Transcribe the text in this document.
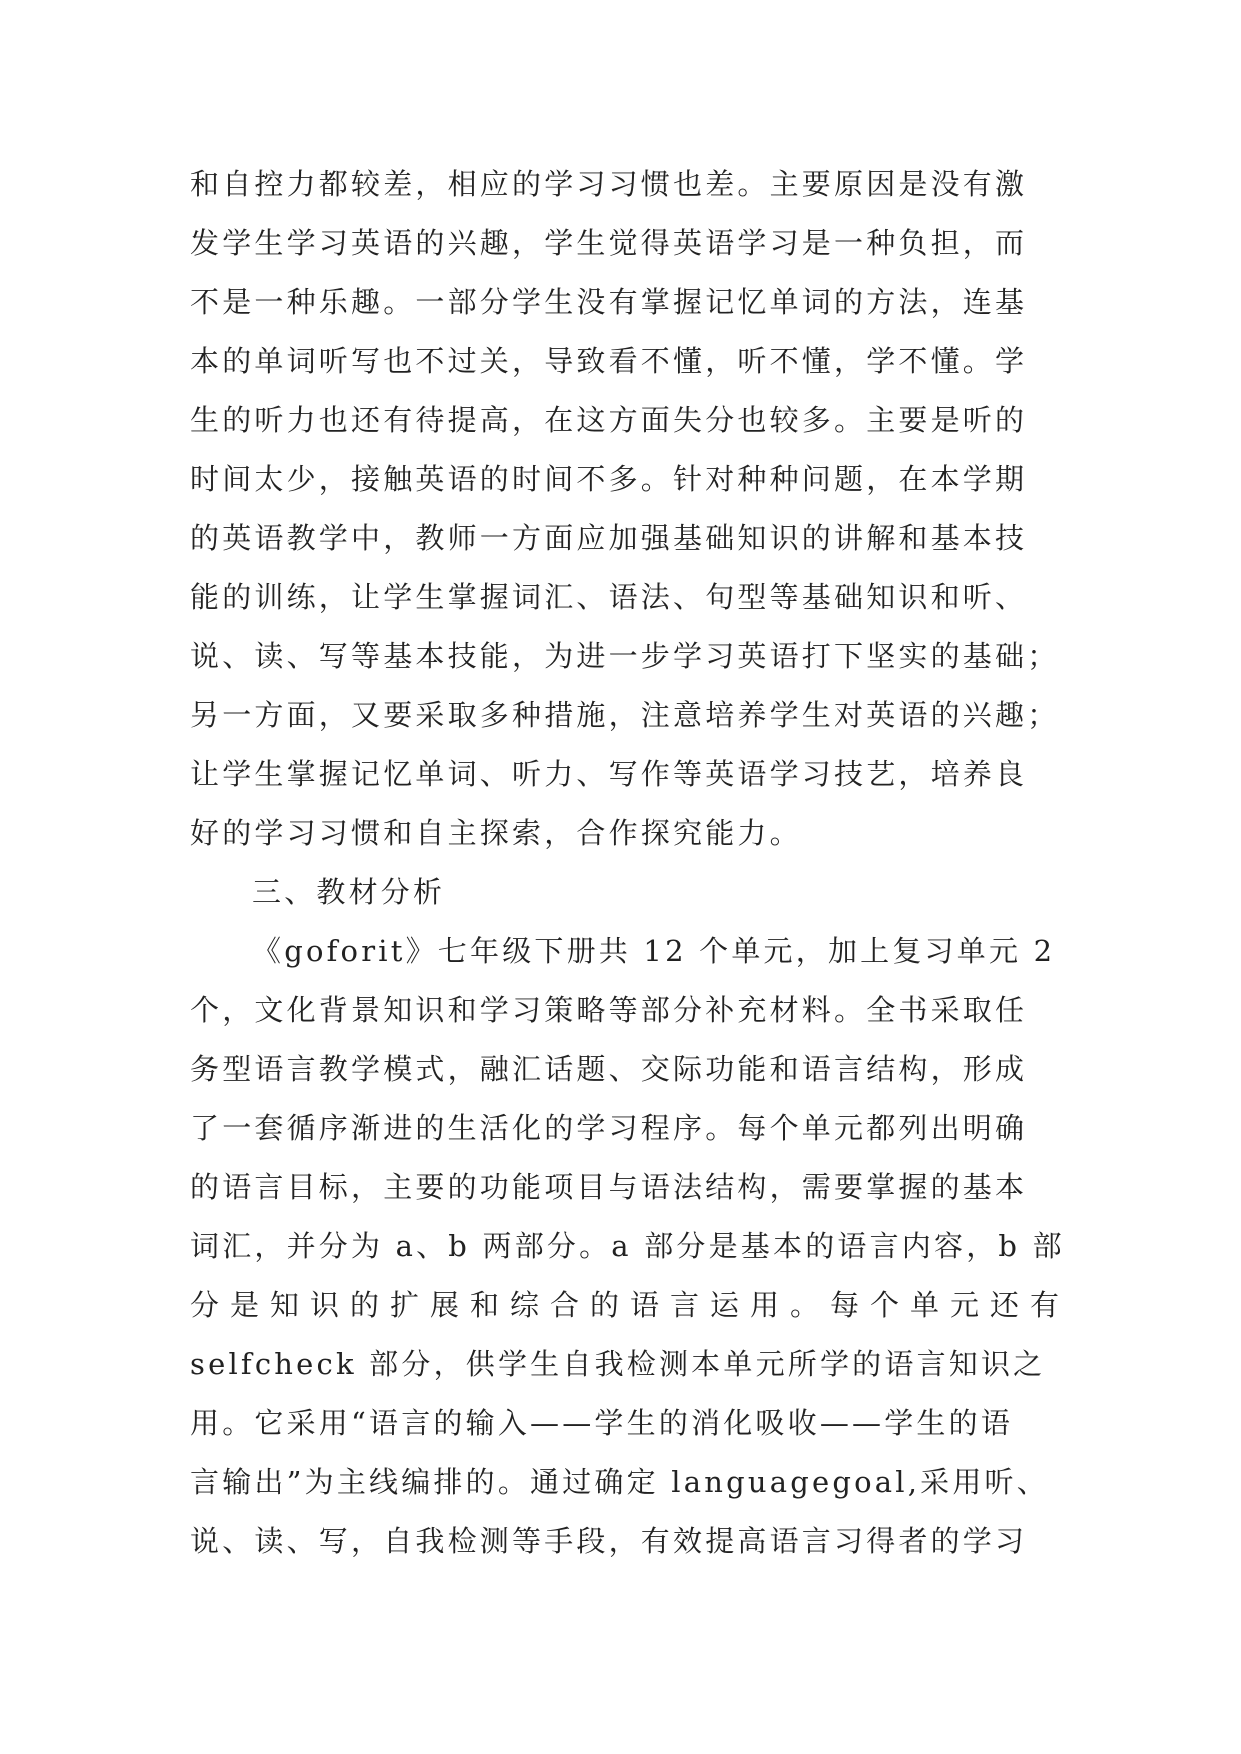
和自控力都较差，相应的学习习惯也差。主要原因是没有激
发学生学习英语的兴趣，学生觉得英语学习是一种负担，而
不是一种乐趣。一部分学生没有掌握记忆单词的方法，连基
本的单词听写也不过关，导致看不懂，听不懂，学不懂。学
生的听力也还有待提高，在这方面失分也较多。主要是听的
时间太少，接触英语的时间不多。针对种种问题，在本学期
的英语教学中，教师一方面应加强基础知识的讲解和基本技
能的训练，让学生掌握词汇、语法、句型等基础知识和听、
说、读、写等基本技能，为进一步学习英语打下坚实的基础；
另一方面，又要采取多种措施，注意培养学生对英语的兴趣；
让学生掌握记忆单词、听力、写作等英语学习技艺，培养良
好的学习习惯和自主探索，合作探究能力。
三、教材分析
《goforit》七年级下册共 12 个单元，加上复习单元 2
个，文化背景知识和学习策略等部分补充材料。全书采取任
务型语言教学模式，融汇话题、交际功能和语言结构，形成
了一套循序渐进的生活化的学习程序。每个单元都列出明确
的语言目标，主要的功能项目与语法结构，需要掌握的基本
词汇，并分为 a、b 两部分。a 部分是基本的语言内容，b 部
分是知识的扩展和综合的语言运用。每个单元还有
selfcheck 部分，供学生自我检测本单元所学的语言知识之
用。它采用“语言的输入——学生的消化吸收——学生的语
言输出”为主线编排的。通过确定 languagegoal,采用听、
说、读、写，自我检测等手段，有效提高语言习得者的学习
